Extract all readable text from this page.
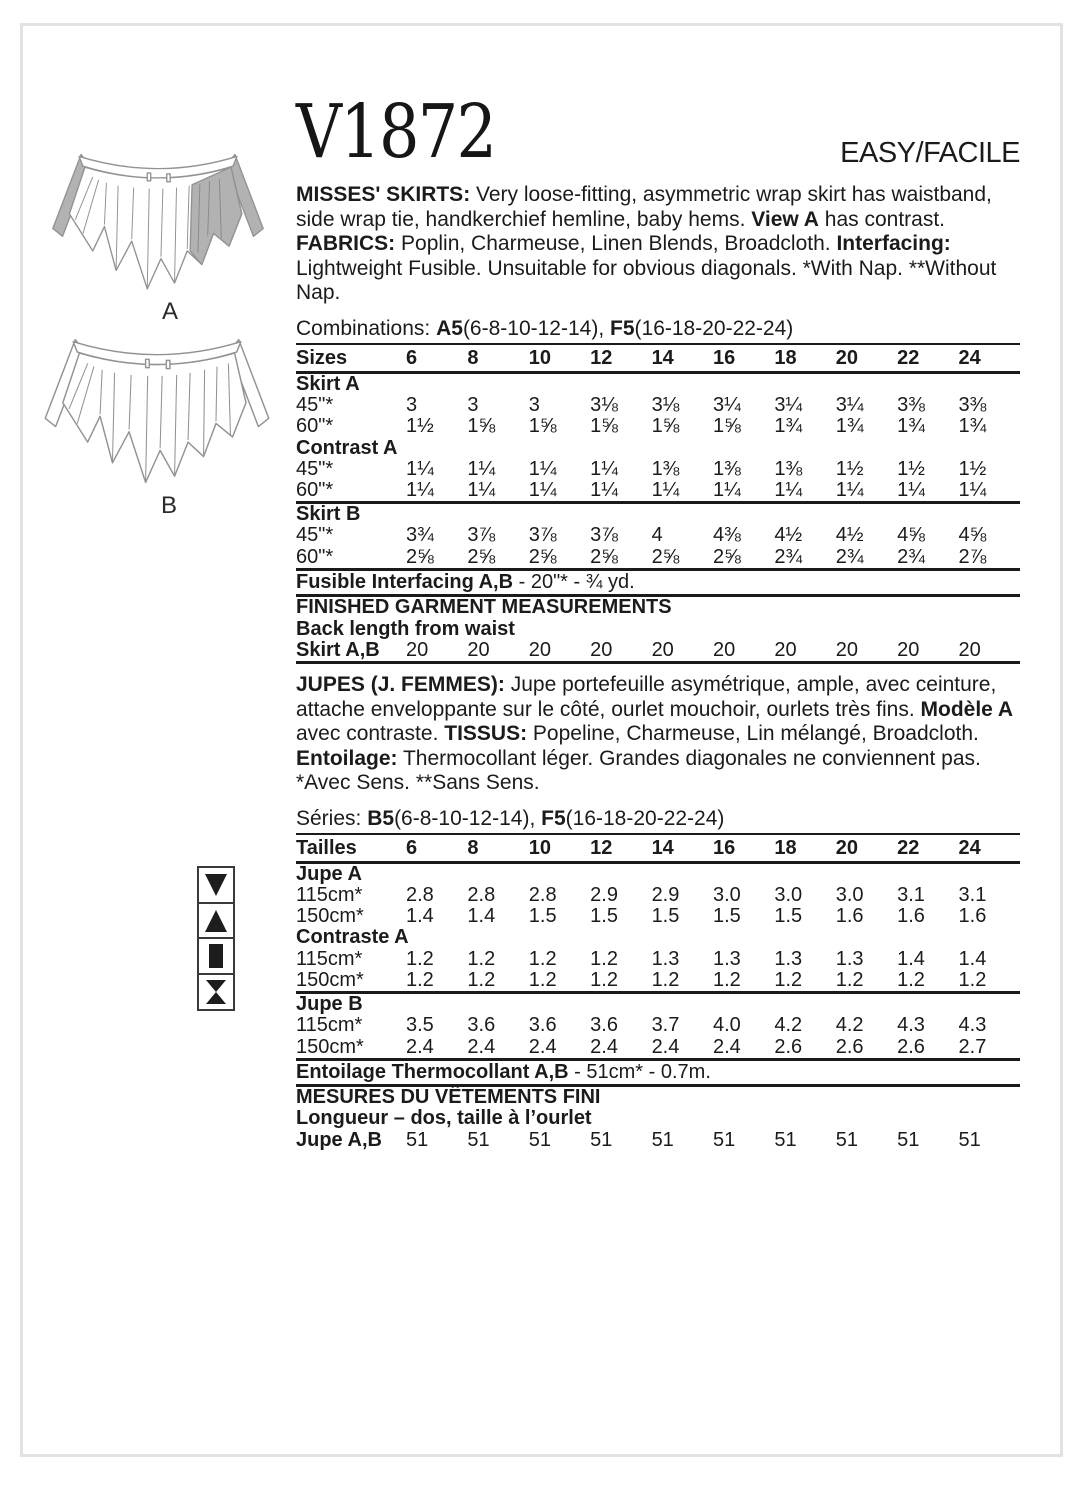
A
B
V1872	EASY/FACILE

MISSES' SKIRTS: Very loose-fitting, asymmetric wrap skirt has waistband, side wrap tie, handkerchief hemline, baby hems. View A has contrast. FABRICS: Poplin, Charmeuse, Linen Blends, Broadcloth. Interfacing: Lightweight Fusible. Unsuitable for obvious diagonals. *With Nap. **Without Nap.

Combinations: A5(6-8-10-12-14), F5(16-18-20-22-24)

Sizes	6	8	10	12	14	16	18	20	22	24
Skirt A										
45"*	3	3	3	3⅛	3⅛	3¼	3¼	3¼	3⅜	3⅜
60"*	1½	1⅝	1⅝	1⅝	1⅝	1⅝	1¾	1¾	1¾	1¾
Contrast A										
45"*	1¼	1¼	1¼	1¼	1⅜	1⅜	1⅜	1½	1½	1½
60"*	1¼	1¼	1¼	1¼	1¼	1¼	1¼	1¼	1¼	1¼
Skirt B										
45"*	3¾	3⅞	3⅞	3⅞	4	4⅜	4½	4½	4⅝	4⅝
60"*	2⅝	2⅝	2⅝	2⅝	2⅝	2⅝	2¾	2¾	2¾	2⅞
Fusible Interfacing A,B - 20"* - ¾ yd.										
FINISHED GARMENT MEASUREMENTS										
Back length from waist										
Skirt A,B	20	20	20	20	20	20	20	20	20	20

JUPES (J. FEMMES): Jupe portefeuille asymétrique, ample, avec ceinture, attache enveloppante sur le côté, ourlet mouchoir, ourlets très fins. Modèle A avec contraste. TISSUS: Popeline, Charmeuse, Lin mélangé, Broadcloth. Entoilage: Thermocollant léger. Grandes diagonales ne conviennent pas. *Avec Sens. **Sans Sens.

Séries: B5(6-8-10-12-14), F5(16-18-20-22-24)

Tailles	6	8	10	12	14	16	18	20	22	24
Jupe A										
115cm*	2.8	2.8	2.8	2.9	2.9	3.0	3.0	3.0	3.1	3.1
150cm*	1.4	1.4	1.5	1.5	1.5	1.5	1.5	1.6	1.6	1.6
Contraste A										
115cm*	1.2	1.2	1.2	1.2	1.3	1.3	1.3	1.3	1.4	1.4
150cm*	1.2	1.2	1.2	1.2	1.2	1.2	1.2	1.2	1.2	1.2
Jupe B										
115cm*	3.5	3.6	3.6	3.6	3.7	4.0	4.2	4.2	4.3	4.3
150cm*	2.4	2.4	2.4	2.4	2.4	2.4	2.6	2.6	2.6	2.7
Entoilage Thermocollant A,B - 51cm* - 0.7m.										
MESURES DU VÊTEMENTS FINI										
Longueur – dos, taille à l’ourlet										
Jupe A,B	51	51	51	51	51	51	51	51	51	51
